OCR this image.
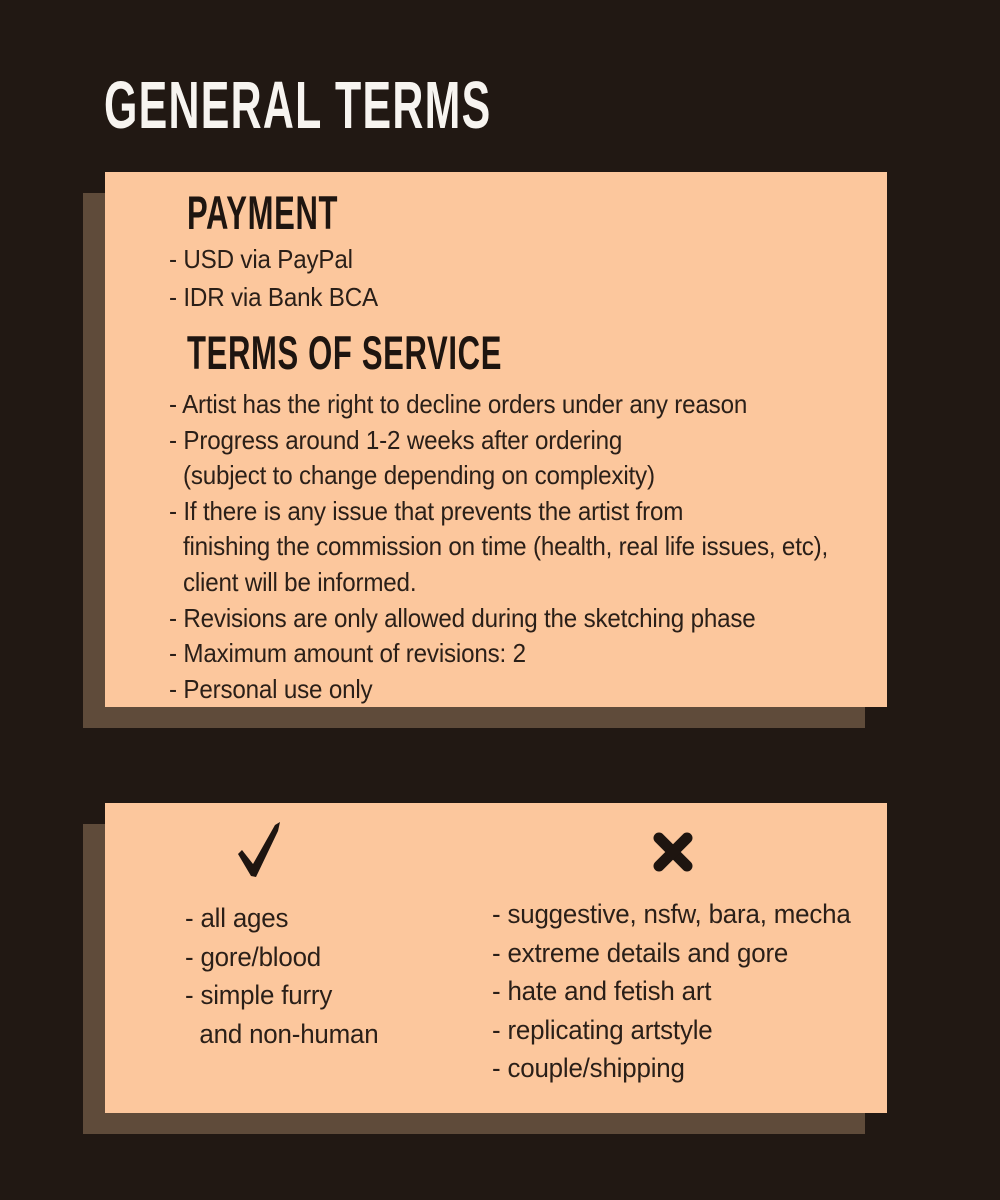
GENERAL TERMS
PAYMENT
- USD via PayPal
- IDR via Bank BCA
TERMS OF SERVICE
- Artist has the right to decline orders under any reason
- Progress around 1-2 weeks after ordering
(subject to change depending on complexity)
- If there is any issue that prevents the artist from
finishing the commission on time (health, real life issues, etc),
client will be informed.
- Revisions are only allowed during the sketching phase
- Maximum amount of revisions: 2
- Personal use only
- all ages
- gore/blood
- simple furry
and non-human
- suggestive, nsfw, bara, mecha
- extreme details and gore
- hate and fetish art
- replicating artstyle
- couple/shipping
